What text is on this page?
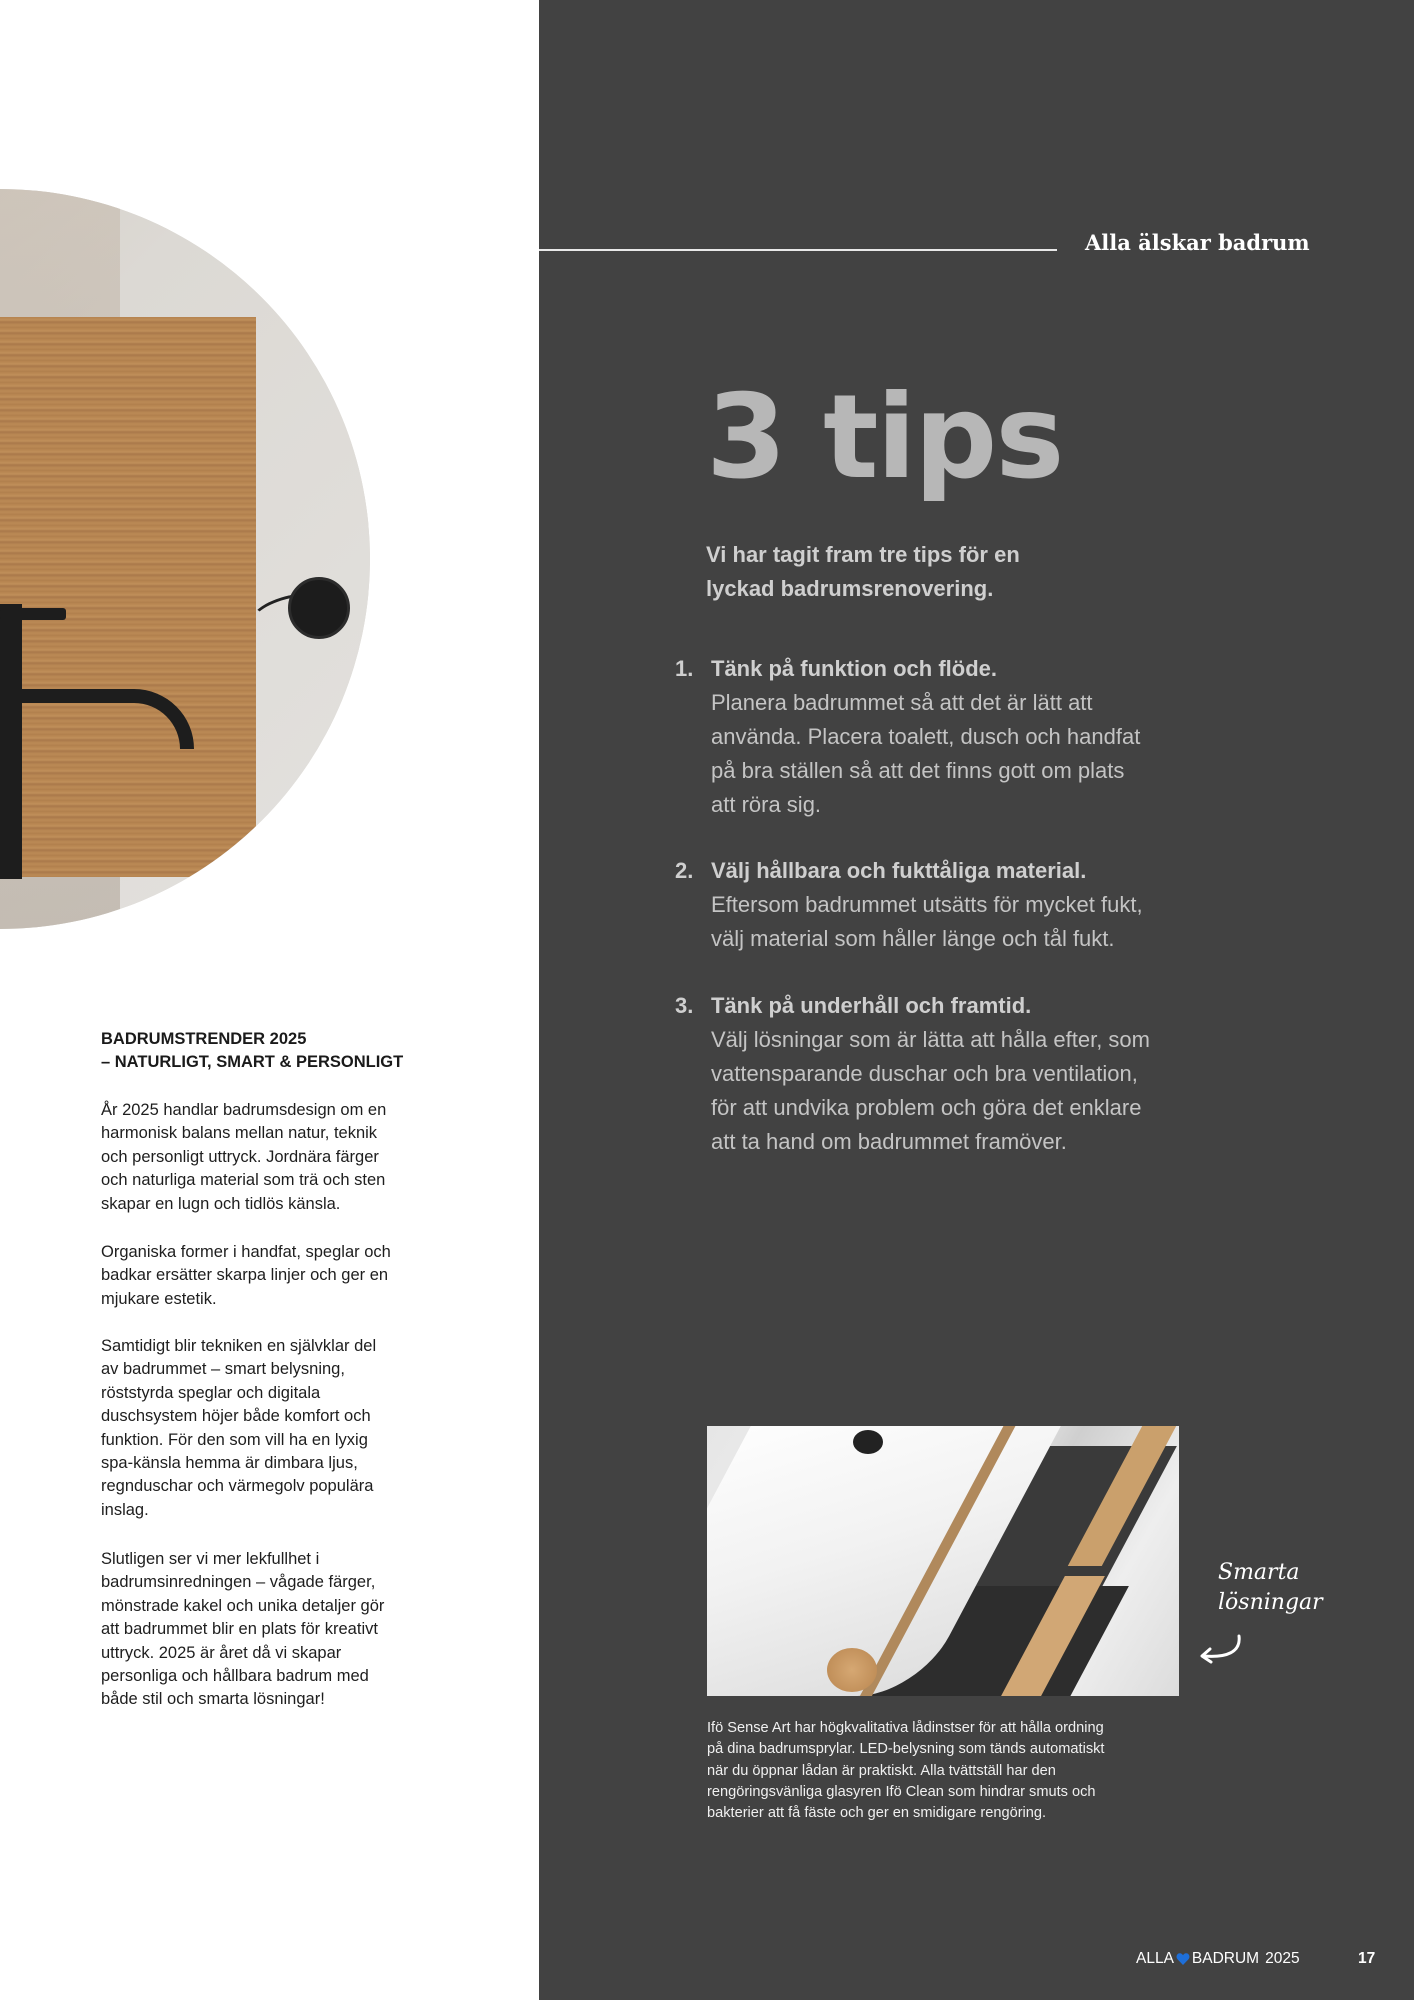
BADRUMSTRENDER 2025
– NATURLIGT, SMART & PERSONLIGT
År 2025 handlar badrumsdesign om en
harmonisk balans mellan natur, teknik
och personligt uttryck. Jordnära färger
och naturliga material som trä och sten
skapar en lugn och tidlös känsla.
Organiska former i handfat, speglar och
badkar ersätter skarpa linjer och ger en
mjukare estetik.
Samtidigt blir tekniken en självklar del
av badrummet – smart belysning,
röststyrda speglar och digitala
duschsystem höjer både komfort och
funktion. För den som vill ha en lyxig
spa-känsla hemma är dimbara ljus,
regnduschar och värmegolv populära
inslag.
Slutligen ser vi mer lekfullhet i
badrumsinredningen – vågade färger,
mönstrade kakel och unika detaljer gör
att badrummet blir en plats för kreativt
uttryck. 2025 är året då vi skapar
personliga och hållbara badrum med
både stil och smarta lösningar!
Alla älskar badrum
3 tips
Vi har tagit fram tre tips för en
lyckad badrumsrenovering.
1. Tänk på funktion och flöde.
Planera badrummet så att det är lätt att
använda. Placera toalett, dusch och handfat
på bra ställen så att det finns gott om plats
att röra sig.
2. Välj hållbara och fukttåliga material.
Eftersom badrummet utsätts för mycket fukt,
välj material som håller länge och tål fukt.
3. Tänk på underhåll och framtid.
Välj lösningar som är lätta att hålla efter, som
vattensparande duschar och bra ventilation,
för att undvika problem och göra det enklare
att ta hand om badrummet framöver.
Ifö Sense Art har högkvalitativa lådinstser för att hålla ordning
på dina badrumsprylar. LED-belysning som tänds automatiskt
när du öppnar lådan är praktiskt. Alla tvättställ har den
rengöringsvänliga glasyren Ifö Clean som hindrar smuts och
bakterier att få fäste och ger en smidigare rengöring.
Smarta
lösningar
ALLA BADRUM 2025	17
